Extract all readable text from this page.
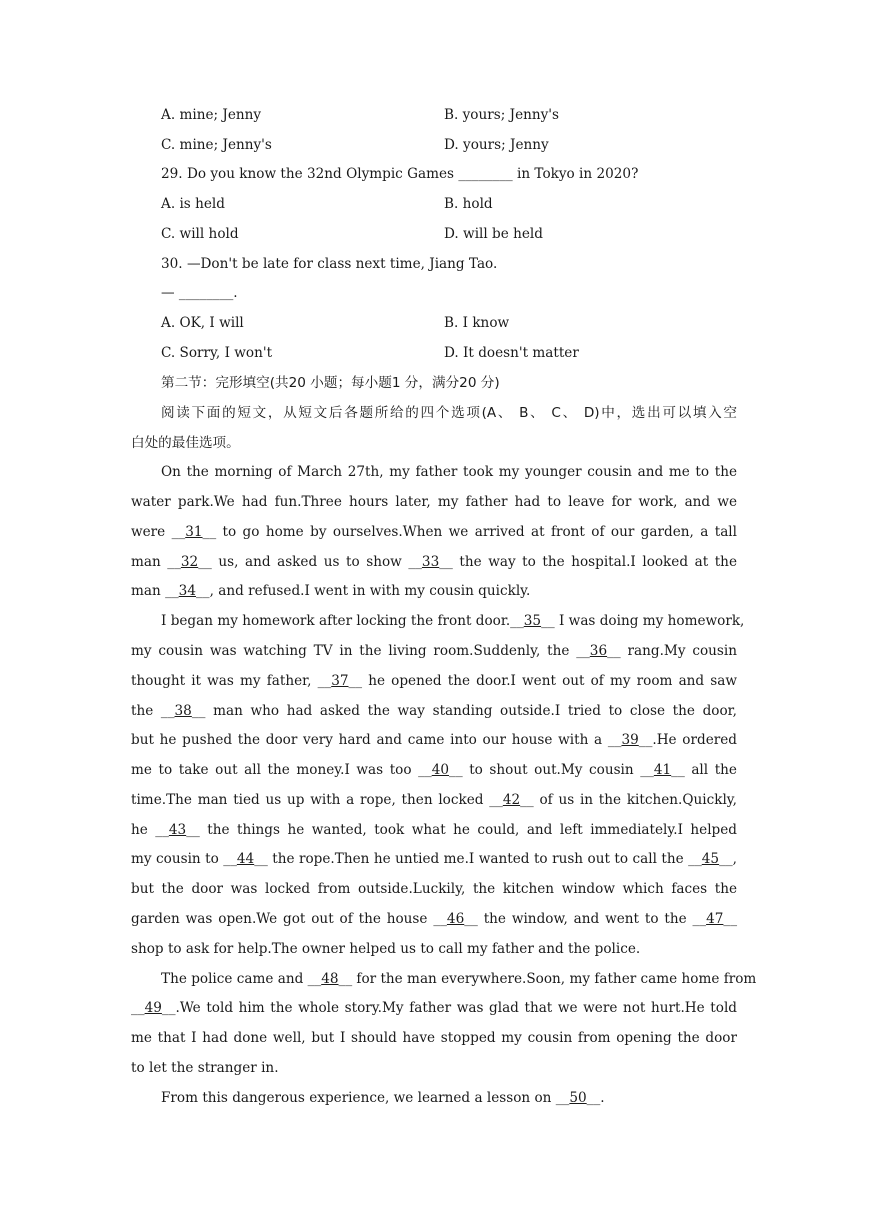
A. mine; Jenny	B. yours; Jenny's
C. mine; Jenny's	D. yours; Jenny
29. Do you know the 32nd Olympic Games ________ in Tokyo in 2020?
A. is held	B. hold
C. will hold	D. will be held
30. —Don't be late for class next time, Jiang Tao.
— ________.
A. OK, I will	B. I know
C. Sorry, I won't	D. It doesn't matter
第二节：完形填空(共20 小题；每小题1 分，满分20 分)
阅读下面的短文，从短文后各题所给的四个选项(A、 B、 C、 D)中，选出可以填入空
白处的最佳选项。
On the morning of March 27th, my father took my younger cousin and me to the
water park.We had fun.Three hours later, my father had to leave for work, and we
were __31__ to go home by ourselves.When we arrived at front of our garden, a tall
man __32__ us, and asked us to show __33__ the way to the hospital.I looked at the
man __34__, and refused.I went in with my cousin quickly.
I began my homework after locking the front door.__35__ I was doing my homework,
my cousin was watching TV in the living room.Suddenly, the __36__ rang.My cousin
thought it was my father, __37__ he opened the door.I went out of my room and saw
the __38__ man who had asked the way standing outside.I tried to close the door,
but he pushed the door very hard and came into our house with a __39__.He ordered
me to take out all the money.I was too __40__ to shout out.My cousin __41__ all the
time.The man tied us up with a rope, then locked __42__ of us in the kitchen.Quickly,
he __43__ the things he wanted, took what he could, and left immediately.I helped
my cousin to __44__ the rope.Then he untied me.I wanted to rush out to call the __45__,
but the door was locked from outside.Luckily, the kitchen window which faces the
garden was open.We got out of the house __46__ the window, and went to the __47__
shop to ask for help.The owner helped us to call my father and the police.
The police came and __48__ for the man everywhere.Soon, my father came home from
__49__.We told him the whole story.My father was glad that we were not hurt.He told
me that I had done well, but I should have stopped my cousin from opening the door
to let the stranger in.
From this dangerous experience, we learned a lesson on __50__.
